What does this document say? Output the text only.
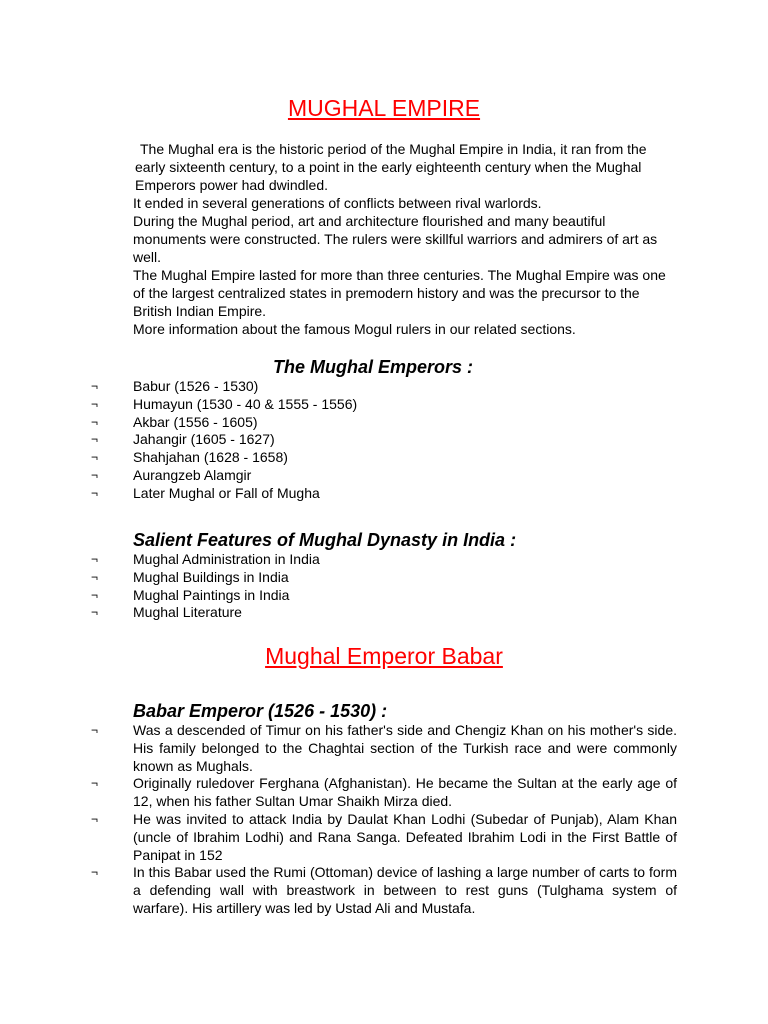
MUGHAL EMPIRE

The Mughal era is the historic period of the Mughal Empire in India, it ran from the early sixteenth century, to a point in the early eighteenth century when the Mughal Emperors power had dwindled.

It ended in several generations of conflicts between rival warlords.

During the Mughal period, art and architecture flourished and many beautiful monuments were constructed. The rulers were skillful warriors and admirers of art as well.

The Mughal Empire lasted for more than three centuries. The Mughal Empire was one of the largest centralized states in premodern history and was the precursor to the British Indian Empire.

More information about the famous Mogul rulers in our related sections.

The Mughal Emperors :
¬ Babur (1526 - 1530)
¬ Humayun (1530 - 40 & 1555 - 1556)
¬ Akbar (1556 - 1605)
¬ Jahangir (1605 - 1627)
¬ Shahjahan (1628 - 1658)
¬ Aurangzeb Alamgir
¬ Later Mughal or Fall of Mugha
Salient Features of Mughal Dynasty in India :
¬ Mughal Administration in India
¬ Mughal Buildings in India
¬ Mughal Paintings in India
¬ Mughal Literature
Mughal Emperor Babar
Babar Emperor (1526 - 1530) :
¬ Was a descended of Timur on his father's side and Chengiz Khan on his mother's side. His family belonged to the Chaghtai section of the Turkish race and were commonly known as Mughals.
¬ Originally ruledover Ferghana (Afghanistan). He became the Sultan at the early age of 12, when his father Sultan Umar Shaikh Mirza died.
¬ He was invited to attack India by Daulat Khan Lodhi (Subedar of Punjab), Alam Khan (uncle of Ibrahim Lodhi) and Rana Sanga. Defeated Ibrahim Lodi in the First Battle of Panipat in 152
¬ In this Babar used the Rumi (Ottoman) device of lashing a large number of carts to form a defending wall with breastwork in between to rest guns (Tulghama system of warfare). His artillery was led by Ustad Ali and Mustafa.
